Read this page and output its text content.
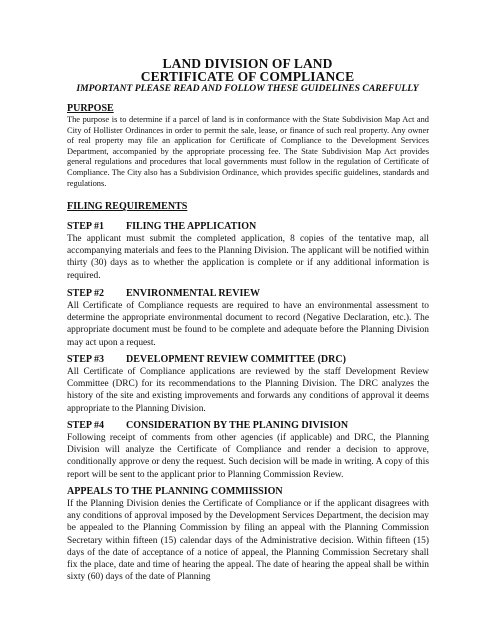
LAND DIVISION OF LAND
CERTIFICATE OF COMPLIANCE
IMPORTANT PLEASE READ AND FOLLOW THESE GUIDELINES CAREFULLY
PURPOSE
The purpose is to determine if a parcel of land is in conformance with the State Subdivision Map Act and City of Hollister Ordinances in order to permit the sale, lease, or finance of such real property. Any owner of real property may file an application for Certificate of Compliance to the Development Services Department, accompanied by the appropriate processing fee. The State Subdivision Map Act provides general regulations and procedures that local governments must follow in the regulation of Certificate of Compliance. The City also has a Subdivision Ordinance, which provides specific guidelines, standards and regulations.
FILING REQUIREMENTS
STEP #1 FILING THE APPLICATION
The applicant must submit the completed application, 8 copies of the tentative map, all accompanying materials and fees to the Planning Division. The applicant will be notified within thirty (30) days as to whether the application is complete or if any additional information is required.
STEP #2 ENVIRONMENTAL REVIEW
All Certificate of Compliance requests are required to have an environmental assessment to determine the appropriate environmental document to record (Negative Declaration, etc.). The appropriate document must be found to be complete and adequate before the Planning Division may act upon a request.
STEP #3 DEVELOPMENT REVIEW COMMITTEE (DRC)
All Certificate of Compliance applications are reviewed by the staff Development Review Committee (DRC) for its recommendations to the Planning Division. The DRC analyzes the history of the site and existing improvements and forwards any conditions of approval it deems appropriate to the Planning Division.
STEP #4 CONSIDERATION BY THE PLANING DIVISION
Following receipt of comments from other agencies (if applicable) and DRC, the Planning Division will analyze the Certificate of Compliance and render a decision to approve, conditionally approve or deny the request. Such decision will be made in writing. A copy of this report will be sent to the applicant prior to Planning Commission Review.
APPEALS TO THE PLANNING COMMIISSION
If the Planning Division denies the Certificate of Compliance or if the applicant disagrees with any conditions of approval imposed by the Development Services Department, the decision may be appealed to the Planning Commission by filing an appeal with the Planning Commission Secretary within fifteen (15) calendar days of the Administrative decision. Within fifteen (15) days of the date of acceptance of a notice of appeal, the Planning Commission Secretary shall fix the place, date and time of hearing the appeal. The date of hearing the appeal shall be within sixty (60) days of the date of Planning
